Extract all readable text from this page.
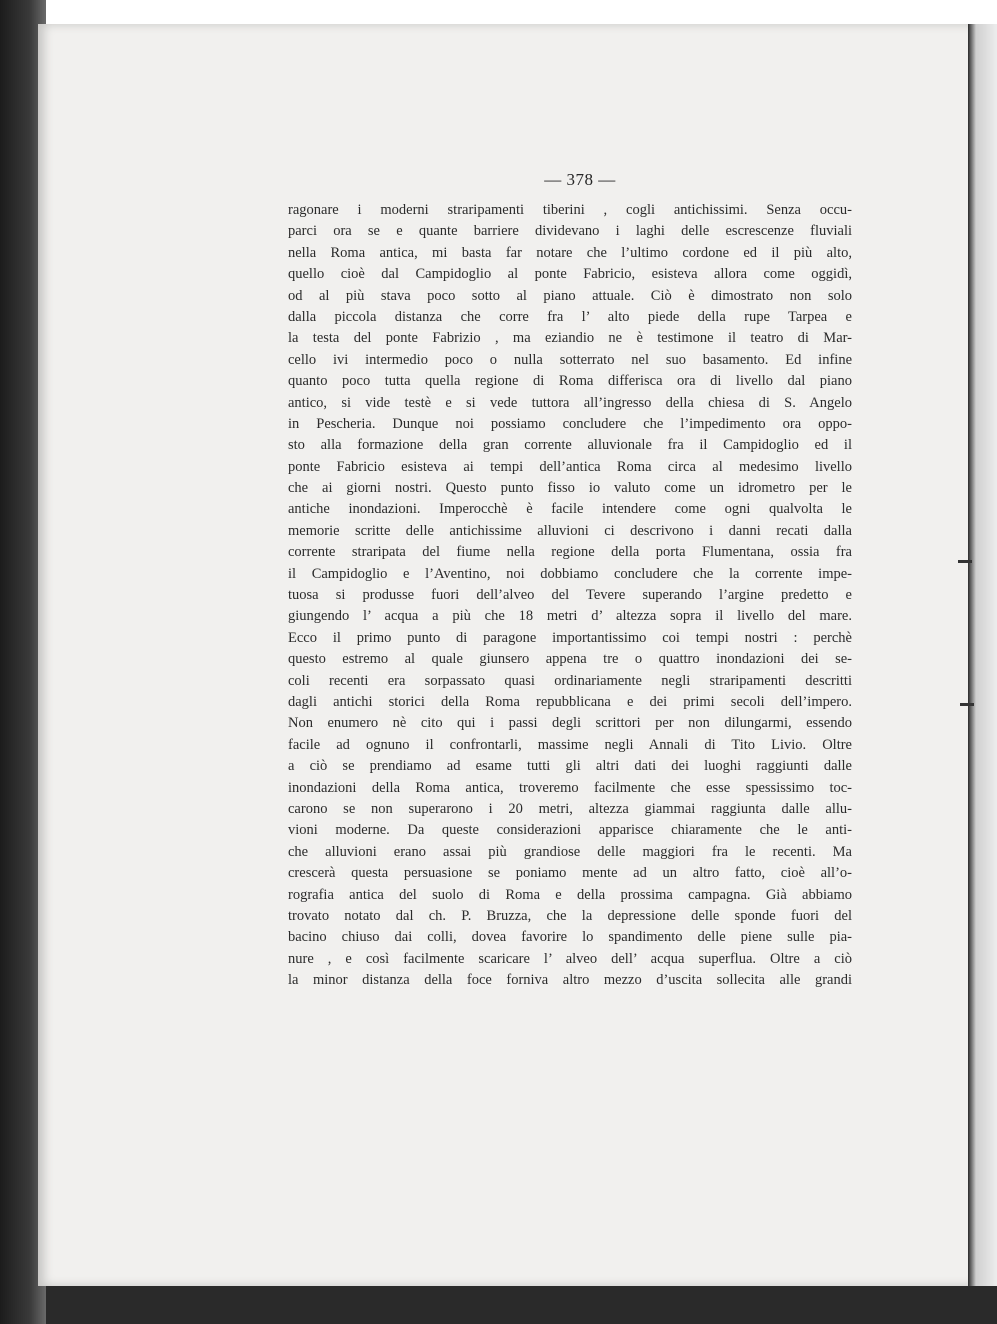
— 378 —
ragonare i moderni straripamenti tiberini , cogli antichissimi. Senza occu-
parci ora se e quante barriere dividevano i laghi delle escrescenze fluviali
nella Roma antica, mi basta far notare che l’ultimo cordone ed il più alto,
quello cioè dal Campidoglio al ponte Fabricio, esisteva allora come oggidì,
od al più stava poco sotto al piano attuale. Ciò è dimostrato non solo
dalla piccola distanza che corre fra l’ alto piede della rupe Tarpea e
la testa del ponte Fabrizio , ma eziandio ne è testimone il teatro di Mar-
cello ivi intermedio poco o nulla sotterrato nel suo basamento. Ed infine
quanto poco tutta quella regione di Roma differisca ora di livello dal piano
antico, si vide testè e si vede tuttora all’ingresso della chiesa di S. Angelo
in Pescheria. Dunque noi possiamo concludere che l’impedimento ora oppo-
sto alla formazione della gran corrente alluvionale fra il Campidoglio ed il
ponte Fabricio esisteva ai tempi dell’antica Roma circa al medesimo livello
che ai giorni nostri. Questo punto fisso io valuto come un idrometro per le
antiche inondazioni. Imperocchè è facile intendere come ogni qualvolta le
memorie scritte delle antichissime alluvioni ci descrivono i danni recati dalla
corrente straripata del fiume nella regione della porta Flumentana, ossia fra
il Campidoglio e l’Aventino, noi dobbiamo concludere che la corrente impe-
tuosa si produsse fuori dell’alveo del Tevere superando l’argine predetto e
giungendo l’ acqua a più che 18 metri d’ altezza sopra il livello del mare.
Ecco il primo punto di paragone importantissimo coi tempi nostri : perchè
questo estremo al quale giunsero appena tre o quattro inondazioni dei se-
coli recenti era sorpassato quasi ordinariamente negli straripamenti descritti
dagli antichi storici della Roma repubblicana e dei primi secoli dell’impero.
Non enumero nè cito qui i passi degli scrittori per non dilungarmi, essendo
facile ad ognuno il confrontarli, massime negli Annali di Tito Livio. Oltre
a ciò se prendiamo ad esame tutti gli altri dati dei luoghi raggiunti dalle
inondazioni della Roma antica, troveremo facilmente che esse spessissimo toc-
carono se non superarono i 20 metri, altezza giammai raggiunta dalle allu-
vioni moderne. Da queste considerazioni apparisce chiaramente che le anti-
che alluvioni erano assai più grandiose delle maggiori fra le recenti. Ma
crescerà questa persuasione se poniamo mente ad un altro fatto, cioè all’o-
rografia antica del suolo di Roma e della prossima campagna. Già abbiamo
trovato notato dal ch. P. Bruzza, che la depressione delle sponde fuori del
bacino chiuso dai colli, dovea favorire lo spandimento delle piene sulle pia-
nure , e così facilmente scaricare l’ alveo dell’ acqua superflua. Oltre a ciò
la minor distanza della foce forniva altro mezzo d’uscita sollecita alle grandi
